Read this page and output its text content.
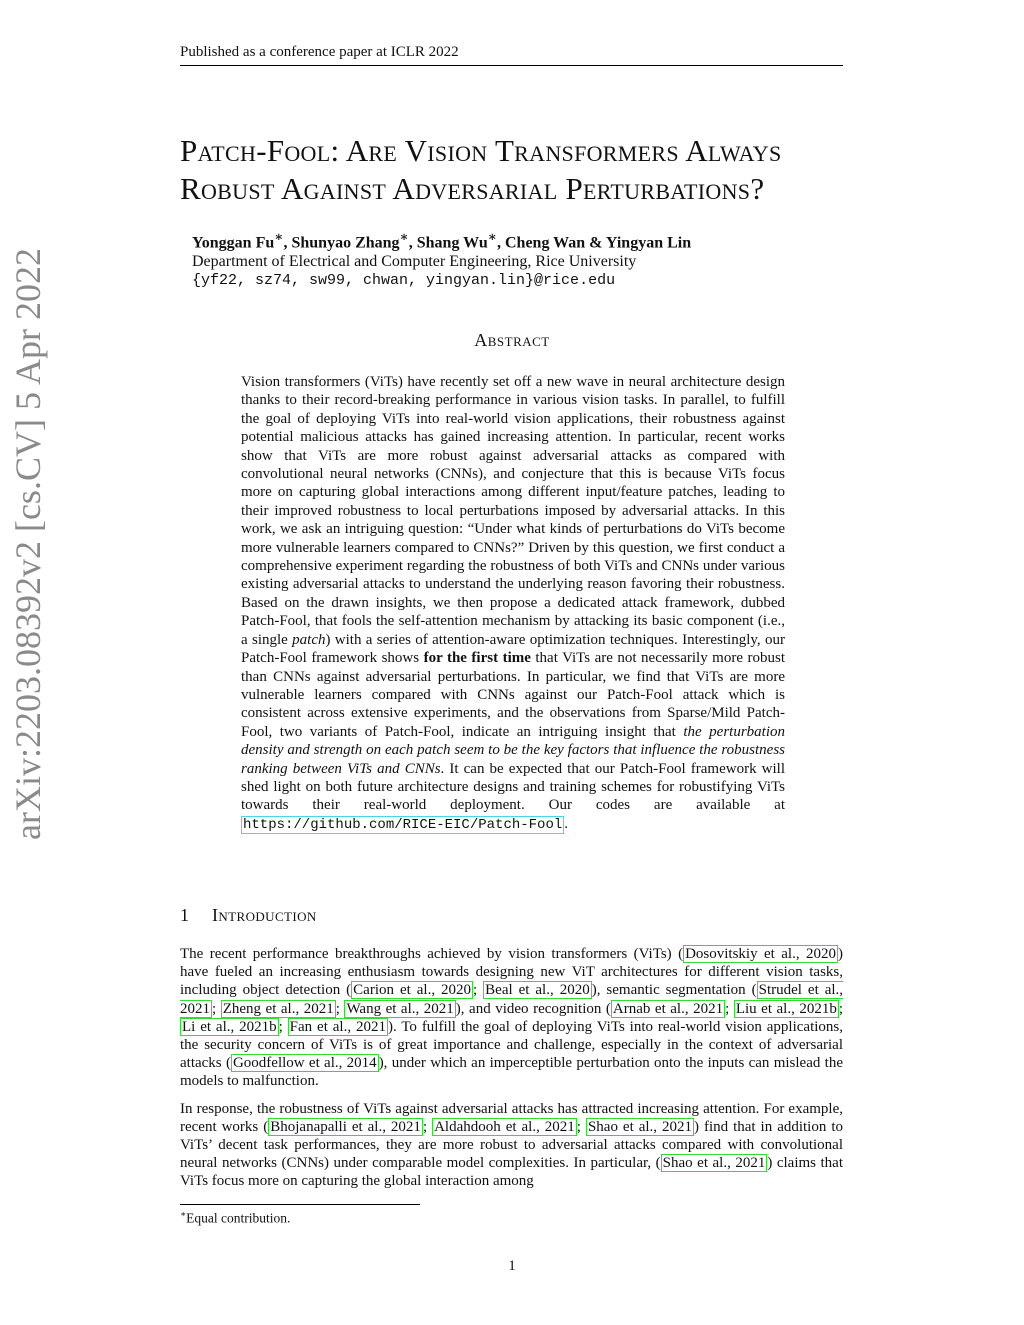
Published as a conference paper at ICLR 2022
arXiv:2203.08392v2 [cs.CV] 5 Apr 2022
Patch-Fool: Are Vision Transformers Always
Robust Against Adversarial Perturbations?
Yonggan Fu∗, Shunyao Zhang∗, Shang Wu∗, Cheng Wan & Yingyan Lin
Department of Electrical and Computer Engineering, Rice University
{yf22, sz74, sw99, chwan, yingyan.lin}@rice.edu
Abstract

Vision transformers (ViTs) have recently set off a new wave in neural architecture design thanks to their record-breaking performance in various vision tasks. In parallel, to fulfill the goal of deploying ViTs into real-world vision applications, their robustness against potential malicious attacks has gained increasing attention. In particular, recent works show that ViTs are more robust against adversarial attacks as compared with convolutional neural networks (CNNs), and conjecture that this is because ViTs focus more on capturing global interactions among different input/feature patches, leading to their improved robustness to local perturbations imposed by adversarial attacks. In this work, we ask an intriguing question: “Under what kinds of perturbations do ViTs become more vulnerable learners compared to CNNs?” Driven by this question, we first conduct a comprehensive experiment regarding the robustness of both ViTs and CNNs under various existing adversarial attacks to understand the underlying reason favoring their robustness. Based on the drawn insights, we then propose a dedicated attack framework, dubbed Patch-Fool, that fools the self-attention mechanism by attacking its basic component (i.e., a single patch) with a series of attention-aware optimization techniques. Interestingly, our Patch-Fool framework shows for the first time that ViTs are not necessarily more robust than CNNs against adversarial perturbations. In particular, we find that ViTs are more vulnerable learners compared with CNNs against our Patch-Fool attack which is consistent across extensive experiments, and the observations from Sparse/Mild Patch-Fool, two variants of Patch-Fool, indicate an intriguing insight that the perturbation density and strength on each patch seem to be the key factors that influence the robustness ranking between ViTs and CNNs. It can be expected that our Patch-Fool framework will shed light on both future architecture designs and training schemes for robustifying ViTs towards their real-world deployment. Our codes are available at https://github.com/RICE-EIC/Patch-Fool .

1 Introduction

The recent performance breakthroughs achieved by vision transformers (ViTs) ( Dosovitskiy et al., 2020 ) have fueled an increasing enthusiasm towards designing new ViT architectures for different vision tasks, including object detection ( Carion et al., 2020 ; Beal et al., 2020 ), semantic segmentation ( Strudel et al., 2021 ; Zheng et al., 2021 ; Wang et al., 2021 ), and video recognition ( Arnab et al., 2021 ; Liu et al., 2021b ; Li et al., 2021b ; Fan et al., 2021 ). To fulfill the goal of deploying ViTs into real-world vision applications, the security concern of ViTs is of great importance and challenge, especially in the context of adversarial attacks ( Goodfellow et al., 2014 ), under which an imperceptible perturbation onto the inputs can mislead the models to malfunction.

In response, the robustness of ViTs against adversarial attacks has attracted increasing attention. For example, recent works ( Bhojanapalli et al., 2021 ; Aldahdooh et al., 2021 ; Shao et al., 2021 ) find that in addition to ViTs’ decent task performances, they are more robust to adversarial attacks compared with convolutional neural networks (CNNs) under comparable model complexities. In particular, ( Shao et al., 2021 ) claims that ViTs focus more on capturing the global interaction among

∗Equal contribution.
1
